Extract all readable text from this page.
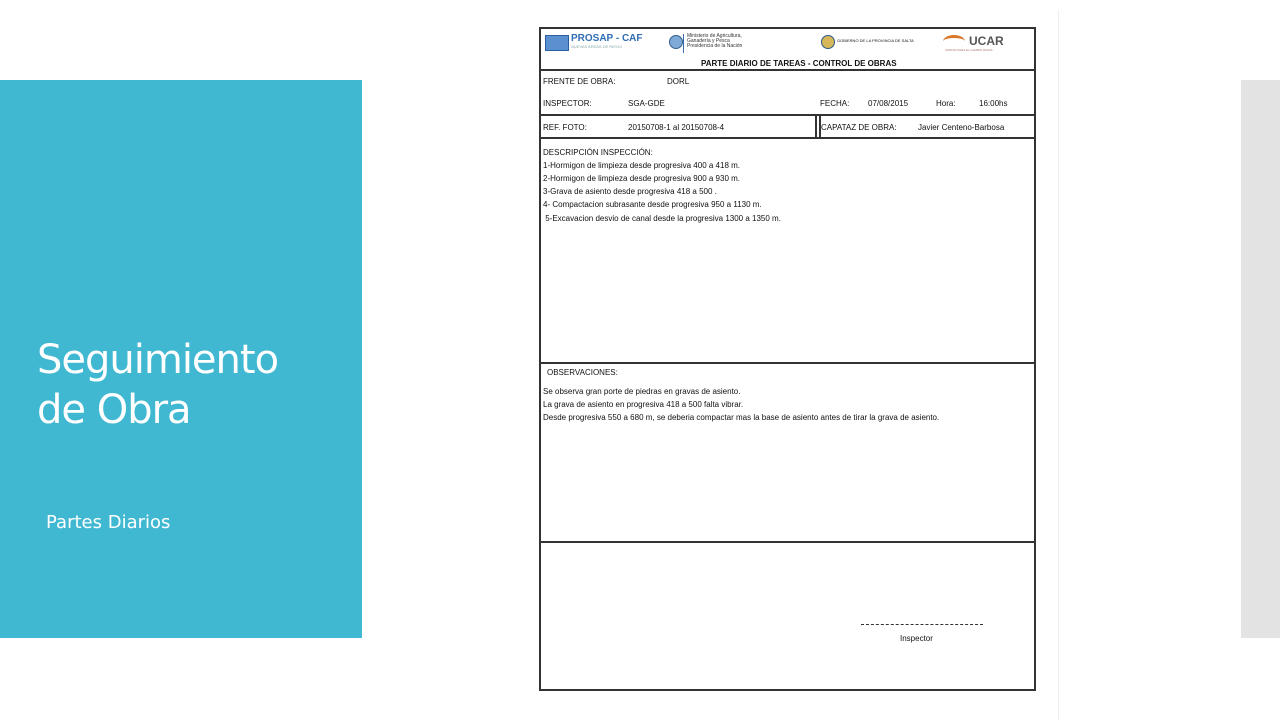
Seguimiento
de Obra
Partes Diarios
PROSAP - CAF
NUEVAS AREAS DE RIEGO
Ministerio de Agricultura,
Ganadería y Pesca
Presidencia de la Nación
GOBIERNO DE LA PROVINCIA DE SALTA	UCAR
UNIDAD PARA EL CAMBIO RURAL
PARTE DIARIO DE TAREAS - CONTROL DE OBRAS
FRENTE DE OBRA:	DORL
INSPECTOR:	SGA-GDE	FECHA: 07/08/2015	Hora:	16:00hs
REF. FOTO:	20150708-1 al 20150708-4	CAPATAZ DE OBRA:	Javier Centeno-Barbosa
DESCRIPCIÓN INSPECCIÓN:
1-Hormigon de limpieza desde progresiva 400 a 418 m.
2-Hormigon de limpieza desde progresiva 900 a 930 m.
3-Grava de asiento desde progresiva 418 a 500 .
4- Compactacion subrasante desde progresiva 950 a 1130 m.
5-Excavacion desvio de canal desde la progresiva 1300 a 1350 m.
OBSERVACIONES:
Se observa gran porte de piedras en gravas de asiento.
La grava de asiento en progresiva 418 a 500 falta vibrar.
Desde progresiva 550 a 680 m, se deberia compactar mas la base de asiento antes de tirar la grava de asiento.
Inspector
